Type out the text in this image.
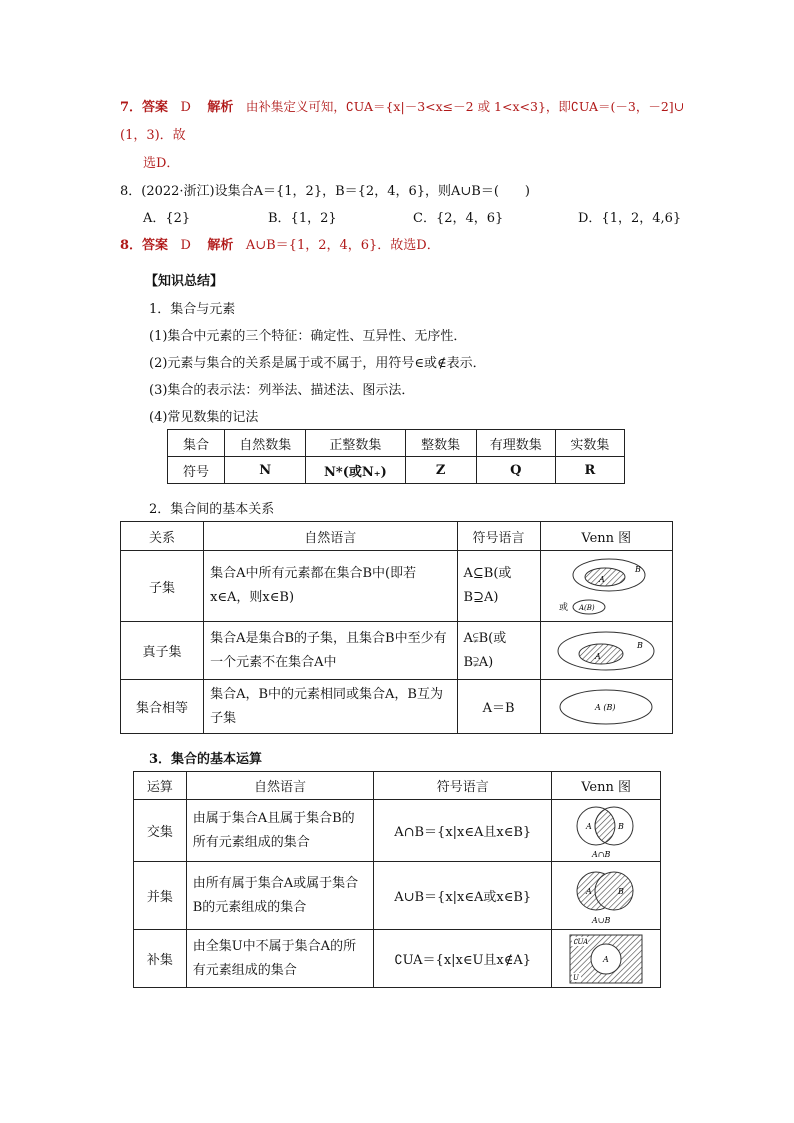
7．答案 D 解析 由补集定义可知，∁UA＝{x|－3<x≤－2 或 1<x<3}，即∁UA＝(－3，－2]∪
(1，3)．故
选D．
8．(2022·浙江)设集合A＝{1，2}，B＝{2，4，6}，则A∪B＝(　　)
A．{2}	B．{1，2}	C．{2，4，6}	D．{1，2，4,6}
8．答案 D 解析 A∪B＝{1，2，4，6}．故选D．
【知识总结】
1．集合与元素
(1)集合中元素的三个特征：确定性、互异性、无序性．
(2)元素与集合的关系是属于或不属于，用符号∈或∉表示．
(3)集合的表示法：列举法、描述法、图示法．
(4)常见数集的记法
集合	自然数集	正整数集	整数集	有理数集	实数集
符号	N	N*(或N₊)	Z	Q	R
2．集合间的基本关系
关系	自然语言	符号语言	Venn 图
子集	集合A中所有元素都在集合B中(即若x∈A，则x∈B)	A⊆B(或B⊇A)	A
B
或 A(B)

真子集	集合A是集合B的子集，且集合B中至少有一个元素不在集合A中	A⫋B(或B⫌A)	A
B

集合相等	集合A，B中的元素相同或集合A，B互为子集	A＝B	A (B)
3．集合的基本运算
运算	自然语言	符号语言	Venn 图
交集	由属于集合A且属于集合B的所有元素组成的集合	A∩B＝{x|x∈A且x∈B}	A B
A∩B

并集	由所有属于集合A或属于集合B的元素组成的集合	A∪B＝{x|x∈A或x∈B}	A B
A∪B

补集	由全集U中不属于集合A的所有元素组成的集合	∁UA＝{x|x∈U且x∉A}	∁UA
A
U
